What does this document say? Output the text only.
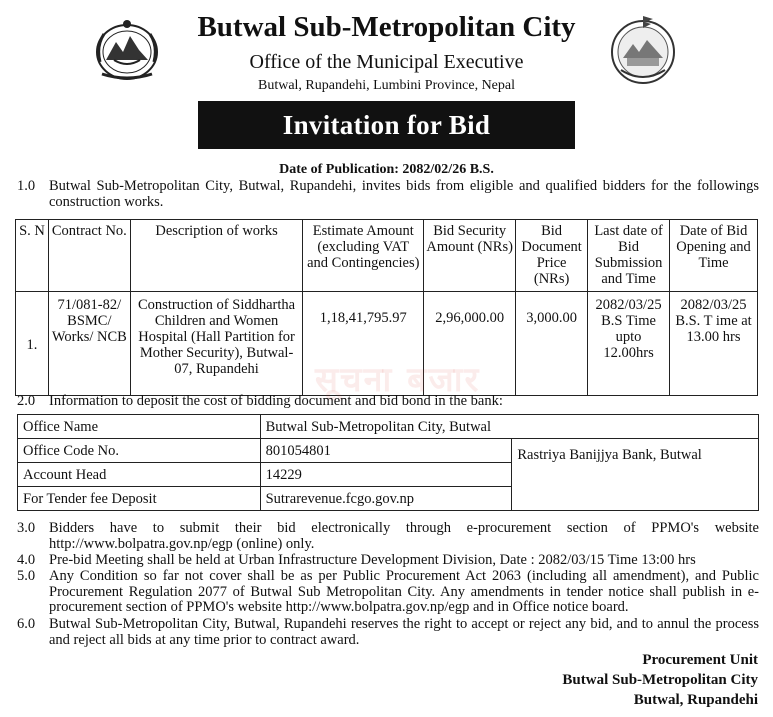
Butwal Sub-Metropolitan City
Office of the Municipal Executive
Butwal, Rupandehi, Lumbini Province, Nepal
Invitation for Bid
Date of Publication: 2082/02/26 B.S.
1.0 Butwal Sub-Metropolitan City, Butwal, Rupandehi, invites bids from eligible and qualified bidders for the followings construction works.
S. N	Contract No.	Description of works	Estimate Amount (excluding VAT and Contingencies)	Bid Security Amount (NRs)	Bid Document Price (NRs)	Last date of Bid Submission and Time	Date of Bid Opening and Time
1.	71/081-82/ BSMC/ Works/ NCB	Construction of Siddhartha Children and Women Hospital (Hall Partition for Mother Security), Butwal-07, Rupandehi	1,18,41,795.97	2,96,000.00	3,000.00	2082/03/25 B.S Time upto 12.00hrs	2082/03/25 B.S. T ime at 13.00 hrs
सूचना बजार
2.0 Information to deposit the cost of bidding document and bid bond in the bank:
Office Name	Butwal Sub-Metropolitan City, Butwal	
Office Code No.	801054801	Rastriya Banijjya Bank, Butwal
Account Head	14229	
For Tender fee Deposit	Sutrarevenue.fcgo.gov.np	
3.0 Bidders have to submit their bid electronically through e-procurement section of PPMO's website http://www.bolpatra.gov.np/egp (online) only.
4.0 Pre-bid Meeting shall be held at Urban Infrastructure Development Division, Date : 2082/03/15 Time 13:00 hrs
5.0 Any Condition so far not cover shall be as per Public Procurement Act 2063 (including all amendment), and Public Procurement Regulation 2077 of Butwal Sub Metropolitan City. Any amendments in tender notice shall publish in e-procurement section of PPMO's website http://www.bolpatra.gov.np/egp and in Office notice board.
6.0 Butwal Sub-Metropolitan City, Butwal, Rupandehi reserves the right to accept or reject any bid, and to annul the process and reject all bids at any time prior to contract award.
Procurement Unit
Butwal Sub-Metropolitan City
Butwal, Rupandehi
